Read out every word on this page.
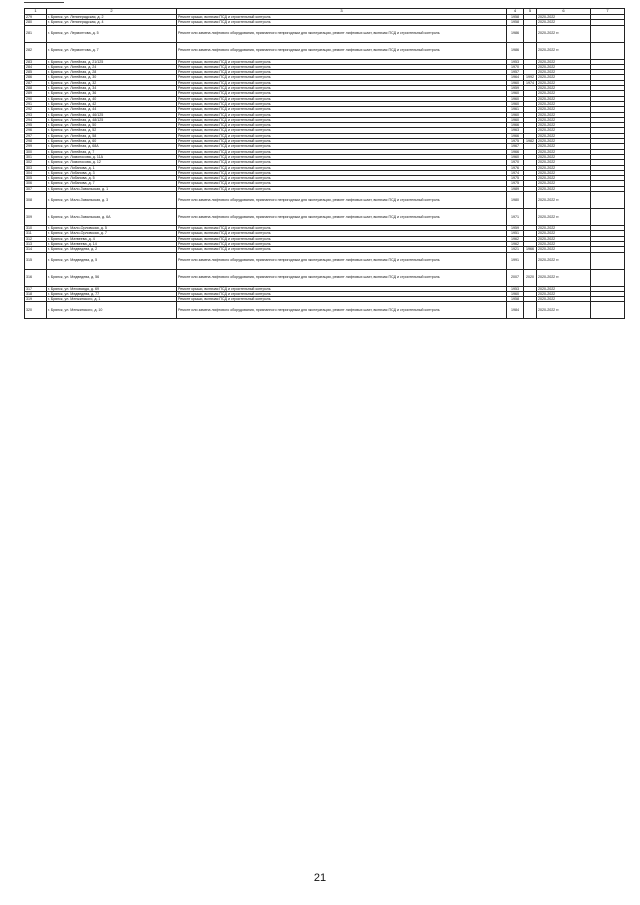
1	2	3	4	5	6	7
279	г. Брянск, ул. Ленинградская, д. 2	Ремонт крыши, включая ПСД и строительный контроль	1958		2020-2022	
280	г. Брянск, ул. Ленинградская, д. 4	Ремонт крыши, включая ПСД и строительный контроль	1958		2020-2022	
281	г. Брянск, ул. Лермонтова, д. 5	Ремонт или замена лифтового оборудования, признанного непригодным для эксплуатации, ремонт лифтовых шахт, включая ПСД и строительный контроль	1986		2020-2022 гг.	
282	г. Брянск, ул. Лермонтова, д. 7	Ремонт или замена лифтового оборудования, признанного непригодным для эксплуатации, ремонт лифтовых шахт, включая ПСД и строительный контроль	1986		2020-2022 гг.	
283	г. Брянск, ул. Литейная, д. 21/125	Ремонт крыши, включая ПСД и строительный контроль	1953		2020-2022	
284	г. Брянск, ул. Литейная, д. 24	Ремонт крыши, включая ПСД и строительный контроль	1970		2020-2022	
285	г. Брянск, ул. Литейная, д. 28	Ремонт крыши, включая ПСД и строительный контроль	1957		2020-2022	
286	г. Брянск, ул. Литейная, д. 30	Ремонт крыши, включая ПСД и строительный контроль	1964	1992	2020-2022	
287	г. Брянск, ул. Литейная, д. 32	Ремонт крыши, включая ПСД и строительный контроль	1960	1974	2020-2022	
288	г. Брянск, ул. Литейная, д. 34	Ремонт крыши, включая ПСД и строительный контроль	1959		2020-2022	
289	г. Брянск, ул. Литейная, д. 36	Ремонт крыши, включая ПСД и строительный контроль	1960		2020-2022	
290	г. Брянск, ул. Литейная, д. 40	Ремонт крыши, включая ПСД и строительный контроль	1960		2020-2022	
291	г. Брянск, ул. Литейная, д. 42	Ремонт крыши, включая ПСД и строительный контроль	1960		2020-2022	
292	г. Брянск, ул. Литейная, д. 44	Ремонт крыши, включая ПСД и строительный контроль	1961		2020-2022	
293	г. Брянск, ул. Литейная, д. 46/125	Ремонт крыши, включая ПСД и строительный контроль	1960		2020-2022	
294	г. Брянск, ул. Литейная, д. 48/125	Ремонт крыши, включая ПСД и строительный контроль	1960		2020-2022	
295	г. Брянск, ул. Литейная, д. 50	Ремонт крыши, включая ПСД и строительный контроль	1966		2020-2022	
296	г. Брянск, ул. Литейная, д. 52	Ремонт крыши, включая ПСД и строительный контроль	1963		2020-2022	
297	г. Брянск, ул. Литейная, д. 58	Ремонт крыши, включая ПСД и строительный контроль	1966		2020-2022	
298	г. Брянск, ул. Литейная, д. 60	Ремонт крыши, включая ПСД и строительный контроль	1975	1982	2020-2022	
299	г. Брянск, ул. Литейная, д. 68А	Ремонт крыши, включая ПСД и строительный контроль	1967		2020-2022	
300	г. Брянск, ул. Литейная, д. 7	Ремонт крыши, включая ПСД и строительный контроль	1966		2020-2022	
301	г. Брянск, ул. Ломоносова, д. 11А	Ремонт крыши, включая ПСД и строительный контроль	1960		2020-2022	
302	г. Брянск, ул. Ломоносова, д. 12	Ремонт крыши, включая ПСД и строительный контроль	1970		2020-2022	
303	г. Брянск, ул. Лобанова, д. 1	Ремонт крыши, включая ПСД и строительный контроль	1976		2020-2022	
304	г. Брянск, ул. Лобанова, д. 3	Ремонт крыши, включая ПСД и строительный контроль	1974		2020-2022	
305	г. Брянск, ул. Лобанова, д. 5	Ремонт крыши, включая ПСД и строительный контроль	1975		2020-2022	
306	г. Брянск, ул. Лобанова, д. 7	Ремонт крыши, включая ПСД и строительный контроль	1975		2020-2022	
307	г. Брянск, ул. Мало-Завальская, д. 1	Ремонт крыши, включая ПСД и строительный контроль	1989		2020-2022	
308	г. Брянск, ул. Мало-Завальская, д. 3	Ремонт или замена лифтового оборудования, признанного непригодным для эксплуатации, ремонт лифтовых шахт, включая ПСД и строительный контроль	1980		2020-2022 гг.	
309	г. Брянск, ул. Мало-Завальская, д. 6А	Ремонт или замена лифтового оборудования, признанного непригодным для эксплуатации, ремонт лифтовых шахт, включая ПСД и строительный контроль	1971		2020-2022 гг.	
310	г. Брянск, ул. Мало-Орловская, д. 5	Ремонт крыши, включая ПСД и строительный контроль	1959		2020-2022	
311	г. Брянск, ул. Мало-Орловская, д. 7	Ремонт крыши, включая ПСД и строительный контроль	1951		2020-2022	
312	г. Брянск, ул. Матвеева, д. 4	Ремонт крыши, включая ПСД и строительный контроль	1962		2020-2022	
313	г. Брянск, ул. Матвеева, д. 14	Ремонт крыши, включая ПСД и строительный контроль	1962		2020-2022	
314	г. Брянск, ул. Медведева, д. 2	Ремонт крыши, включая ПСД и строительный контроль	1921	1966	2020-2022	
315	г. Брянск, ул. Медведева, д. 5	Ремонт или замена лифтового оборудования, признанного непригодным для эксплуатации, ремонт лифтовых шахт, включая ПСД и строительный контроль	1991		2020-2022 гг.	
316	г. Брянск, ул. Медведева, д. 56	Ремонт или замена лифтового оборудования, признанного непригодным для эксплуатации, ремонт лифтовых шахт, включая ПСД и строительный контроль	2007	2020	2020-2022 гг.	
317	г. Брянск, ул. Меховаяда, д. 69	Ремонт крыши, включая ПСД и строительный контроль	1953		2020-2022	
318	г. Брянск, ул. Медведева, д. 77	Ремонт крыши, включая ПСД и строительный контроль	1960		2020-2022	
319	г. Брянск, ул. Менжинского, д. 1	Ремонт крыши, включая ПСД и строительный контроль	1958		2020-2022	
320	г. Брянск, ул. Менжинского, д. 10	Ремонт или замена лифтового оборудования, признанного непригодным для эксплуатации, ремонт лифтовых шахт, включая ПСД и строительный контроль	1984		2020-2022 гг.	
21
